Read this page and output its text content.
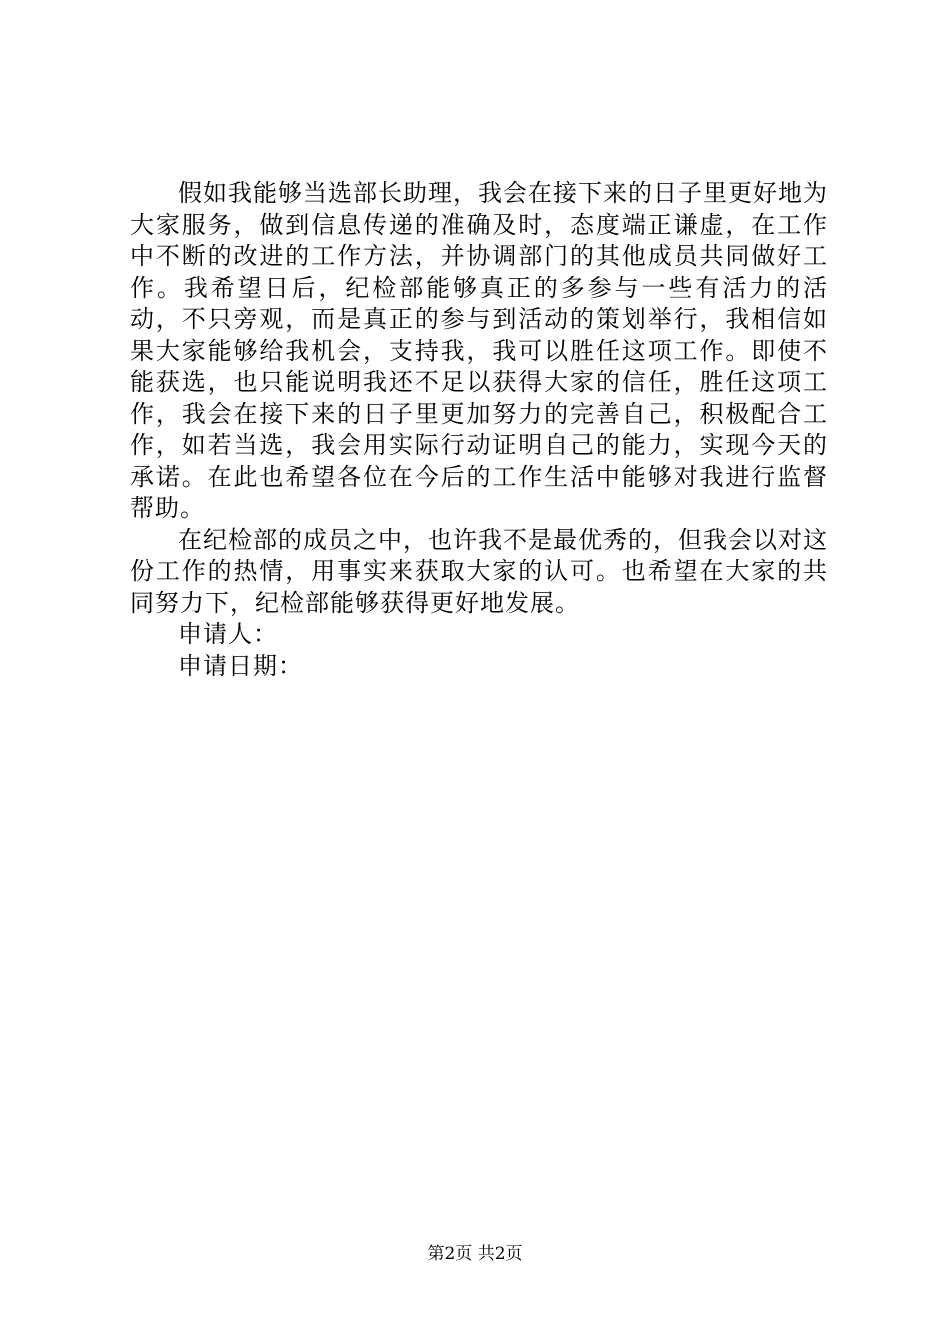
假如我能够当选部长助理，我会在接下来的日子里更好地为大家服务，做到信息传递的准确及时，态度端正谦虚，在工作中不断的改进的工作方法，并协调部门的其他成员共同做好工作。我希望日后，纪检部能够真正的多参与一些有活力的活动，不只旁观，而是真正的参与到活动的策划举行，我相信如果大家能够给我机会，支持我，我可以胜任这项工作。即使不能获选，也只能说明我还不足以获得大家的信任，胜任这项工作，我会在接下来的日子里更加努力的完善自己，积极配合工作，如若当选，我会用实际行动证明自己的能力，实现今天的承诺。在此也希望各位在今后的工作生活中能够对我进行监督帮助。

在纪检部的成员之中，也许我不是最优秀的，但我会以对这份工作的热情，用事实来获取大家的认可。也希望在大家的共同努力下，纪检部能够获得更好地发展。

申请人：

申请日期：

第2页 共2页
